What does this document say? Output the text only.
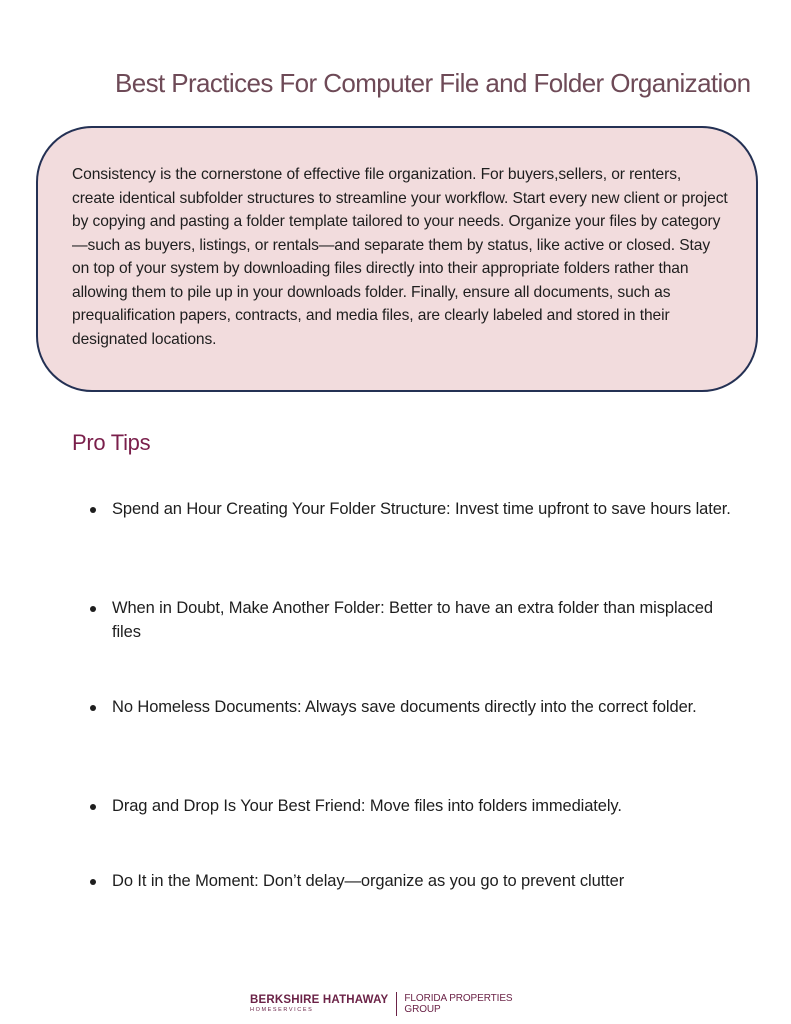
Best Practices For Computer File and Folder Organization

Consistency is the cornerstone of effective file organization. For buyers,sellers, or renters, create identical subfolder structures to streamline your workflow. Start every new client or project by copying and pasting a folder template tailored to your needs. Organize your files by category—such as buyers, listings, or rentals—and separate them by status, like active or closed. Stay on top of your system by downloading files directly into their appropriate folders rather than allowing them to pile up in your downloads folder. Finally, ensure all documents, such as prequalification papers, contracts, and media files, are clearly labeled and stored in their designated locations.

Pro Tips
Spend an Hour Creating Your Folder Structure: Invest time upfront to save hours later.
When in Doubt, Make Another Folder: Better to have an extra folder than misplaced files
No Homeless Documents: Always save documents directly into the correct folder.
Drag and Drop Is Your Best Friend: Move files into folders immediately.
Do It in the Moment: Don’t delay—organize as you go to prevent clutter
BERKSHIRE HATHAWAY
HOMESERVICES
FLORIDA PROPERTIES GROUP
